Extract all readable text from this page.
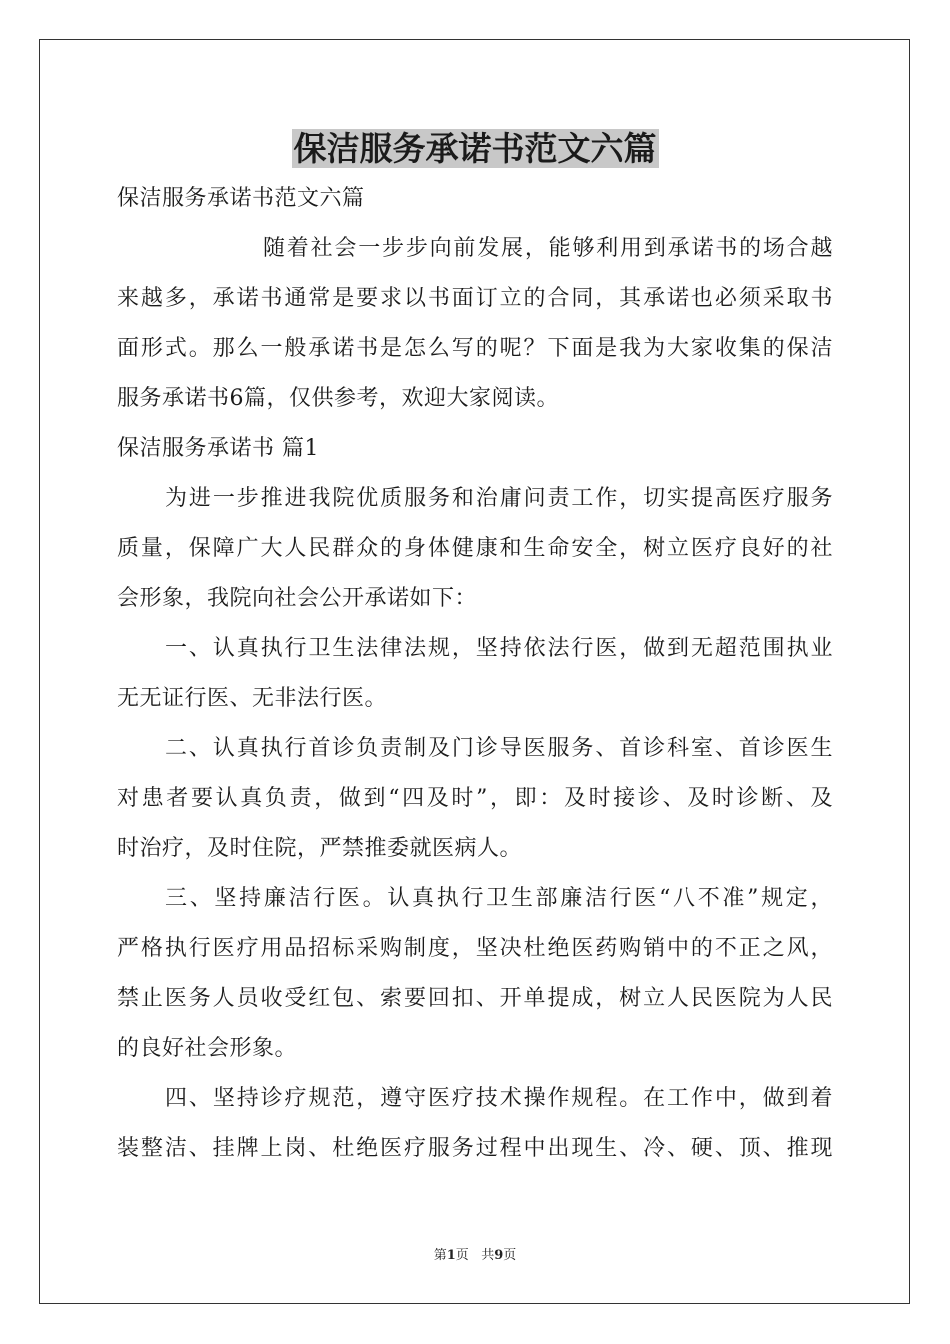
保洁服务承诺书范文六篇

保洁服务承诺书范文六篇

随着社会一步步向前发展，能够利用到承诺书的场合越

来越多，承诺书通常是要求以书面订立的合同，其承诺也必须采取书

面形式。那么一般承诺书是怎么写的呢？下面是我为大家收集的保洁

服务承诺书6篇，仅供参考，欢迎大家阅读。

保洁服务承诺书 篇1

为进一步推进我院优质服务和治庸问责工作，切实提高医疗服务

质量，保障广大人民群众的身体健康和生命安全，树立医疗良好的社

会形象，我院向社会公开承诺如下：

一、认真执行卫生法律法规，坚持依法行医，做到无超范围执业

无无证行医、无非法行医。

二、认真执行首诊负责制及门诊导医服务、首诊科室、首诊医生

对患者要认真负责，做到“四及时”，即：及时接诊、及时诊断、及

时治疗，及时住院，严禁推委就医病人。

三、坚持廉洁行医。认真执行卫生部廉洁行医“八不准”规定，

严格执行医疗用品招标采购制度，坚决杜绝医药购销中的不正之风，

禁止医务人员收受红包、索要回扣、开单提成，树立人民医院为人民

的良好社会形象。

四、坚持诊疗规范，遵守医疗技术操作规程。在工作中，做到着

装整洁、挂牌上岗、杜绝医疗服务过程中出现生、冷、硬、顶、推现

第1页 共9页
